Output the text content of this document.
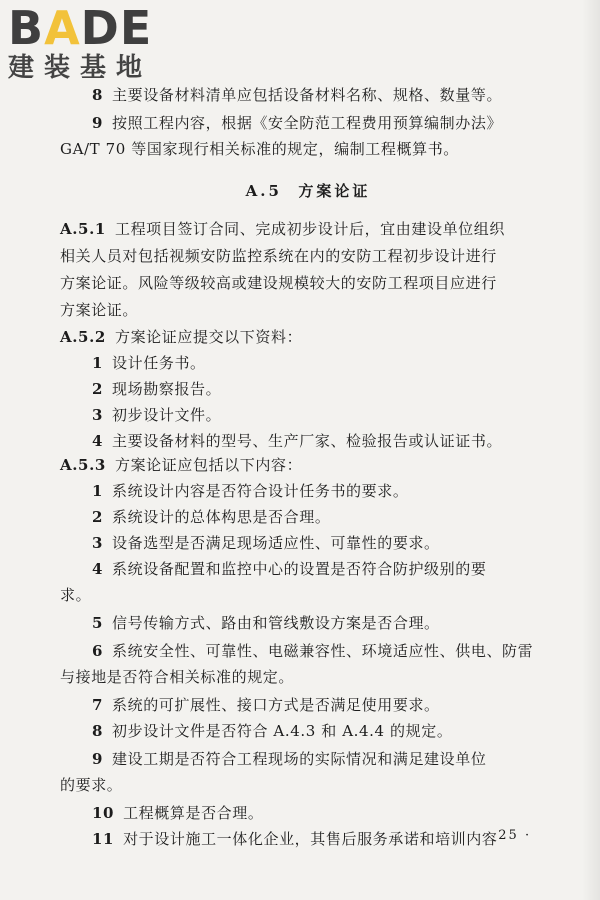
BADE
建装基地
8 主要设备材料清单应包括设备材料名称、规格、数量等。
9 按照工程内容，根据《安全防范工程费用预算编制办法》
GA/T 70 等国家现行相关标准的规定，编制工程概算书。
A.5 方案论证
A.5.1 工程项目签订合同、完成初步设计后，宜由建设单位组织
相关人员对包括视频安防监控系统在内的安防工程初步设计进行
方案论证。风险等级较高或建设规模较大的安防工程项目应进行
方案论证。
A.5.2 方案论证应提交以下资料：
1 设计任务书。
2 现场勘察报告。
3 初步设计文件。
4 主要设备材料的型号、生产厂家、检验报告或认证证书。
A.5.3 方案论证应包括以下内容：
1 系统设计内容是否符合设计任务书的要求。
2 系统设计的总体构思是否合理。
3 设备选型是否满足现场适应性、可靠性的要求。
4 系统设备配置和监控中心的设置是否符合防护级别的要
求。
5 信号传输方式、路由和管线敷设方案是否合理。
6 系统安全性、可靠性、电磁兼容性、环境适应性、供电、防雷
与接地是否符合相关标准的规定。
7 系统的可扩展性、接口方式是否满足使用要求。
8 初步设计文件是否符合 A.4.3 和 A.4.4 的规定。
9 建设工期是否符合工程现场的实际情况和满足建设单位
的要求。
10 工程概算是否合理。
11 对于设计施工一体化企业，其售后服务承诺和培训内容
· 25 ·
